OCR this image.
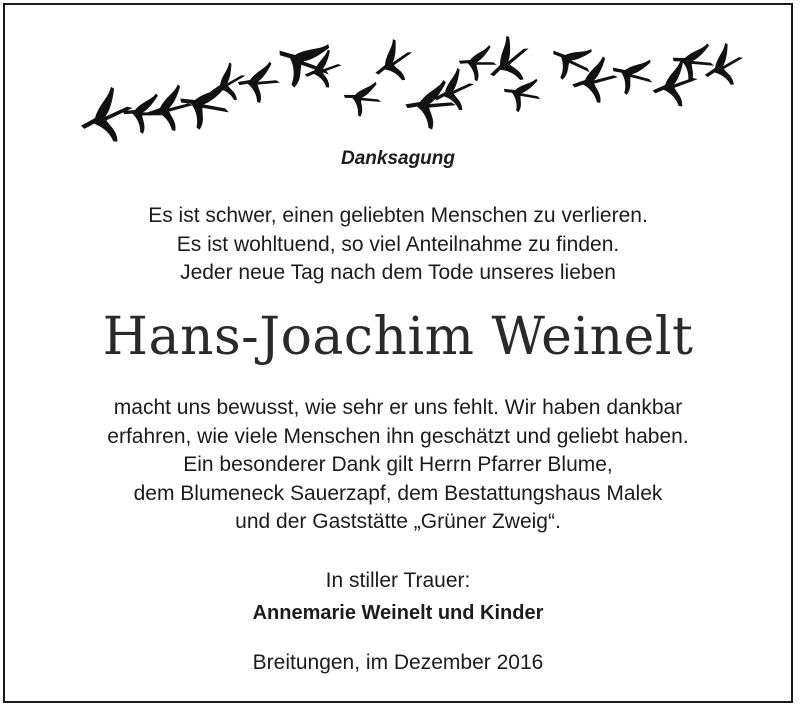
Danksagung
Es ist schwer, einen geliebten Menschen zu verlieren.
Es ist wohltuend, so viel Anteilnahme zu finden.
Jeder neue Tag nach dem Tode unseres lieben
Hans-Joachim Weinelt
macht uns bewusst, wie sehr er uns fehlt. Wir haben dankbar
erfahren, wie viele Menschen ihn geschätzt und geliebt haben.
Ein besonderer Dank gilt Herrn Pfarrer Blume,
dem Blumeneck Sauerzapf, dem Bestattungshaus Malek
und der Gaststätte „Grüner Zweig“.
In stiller Trauer:
Annemarie Weinelt und Kinder
Breitungen, im Dezember 2016
